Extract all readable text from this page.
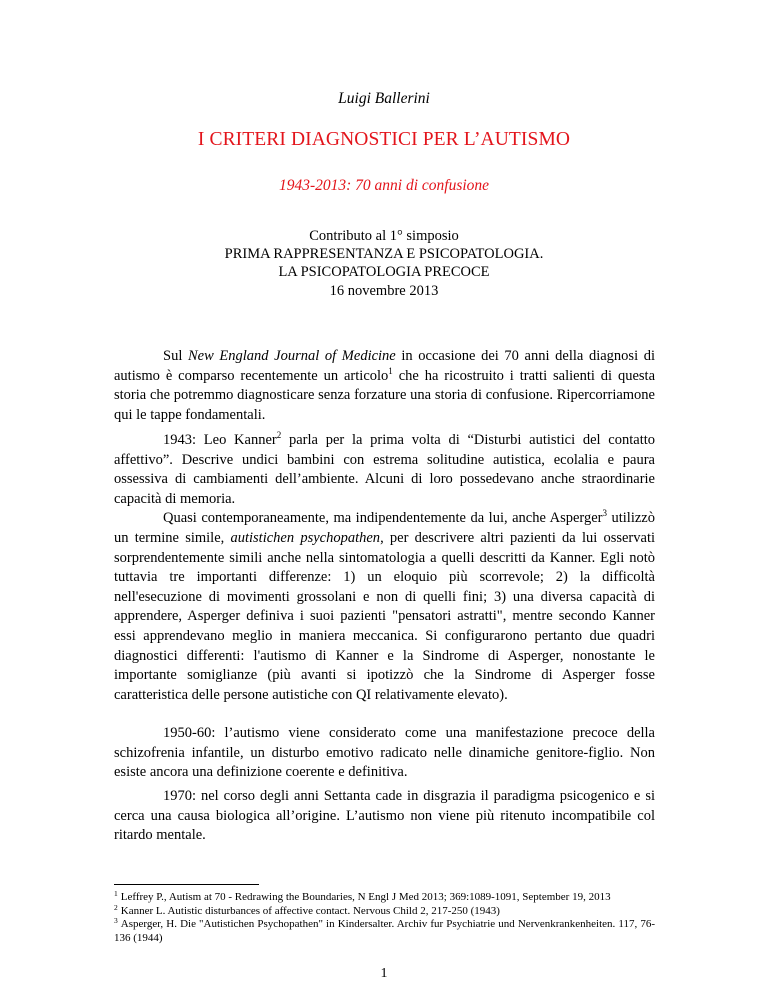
Luigi Ballerini
I CRITERI DIAGNOSTICI PER L’AUTISMO
1943-2013: 70 anni di confusione
Contributo al 1° simposio
PRIMA RAPPRESENTANZA E PSICOPATOLOGIA.
LA PSICOPATOLOGIA PRECOCE
16 novembre 2013

Sul New England Journal of Medicine in occasione dei 70 anni della diagnosi di autismo è comparso recentemente un articolo$^1$ che ha ricostruito i tratti salienti di questa storia che potremmo diagnosticare senza forzature una storia di confusione. Ripercorriamone qui le tappe fondamentali.

1943: Leo Kanner$^2$ parla per la prima volta di “Disturbi autistici del contatto affettivo”. Descrive undici bambini con estrema solitudine autistica, ecolalia e paura ossessiva di cambiamenti dell’ambiente. Alcuni di loro possedevano anche straordinarie capacità di memoria.

Quasi contemporaneamente, ma indipendentemente da lui, anche Asperger$^3$ utilizzò un termine simile, autistichen psychopathen, per descrivere altri pazienti da lui osservati sorprendentemente simili anche nella sintomatologia a quelli descritti da Kanner. Egli notò tuttavia tre importanti differenze: 1) un eloquio più scorrevole; 2) la difficoltà nell'esecuzione di movimenti grossolani e non di quelli fini; 3) una diversa capacità di apprendere, Asperger definiva i suoi pazienti "pensatori astratti", mentre secondo Kanner essi apprendevano meglio in maniera meccanica. Si configurarono pertanto due quadri diagnostici differenti: l'autismo di Kanner e la Sindrome di Asperger, nonostante le importante somiglianze (più avanti si ipotizzò che la Sindrome di Asperger fosse caratteristica delle persone autistiche con QI relativamente elevato).

1950-60: l’autismo viene considerato come una manifestazione precoce della schizofrenia infantile, un disturbo emotivo radicato nelle dinamiche genitore-figlio. Non esiste ancora una definizione coerente e definitiva.

1970: nel corso degli anni Settanta cade in disgrazia il paradigma psicogenico e si cerca una causa biologica all’origine. L’autismo non viene più ritenuto incompatibile col ritardo mentale.

$^1$ Leffrey P., Autism at 70 - Redrawing the Boundaries, N Engl J Med 2013; 369:1089-1091, September 19, 2013
$^2$ Kanner L. Autistic disturbances of affective contact. Nervous Child 2, 217-250 (1943)
$^3$ Asperger, H. Die "Autistichen Psychopathen" in Kindersalter. Archiv fur Psychiatrie und Nervenkrankenheiten. 117, 76-136 (1944)
1
